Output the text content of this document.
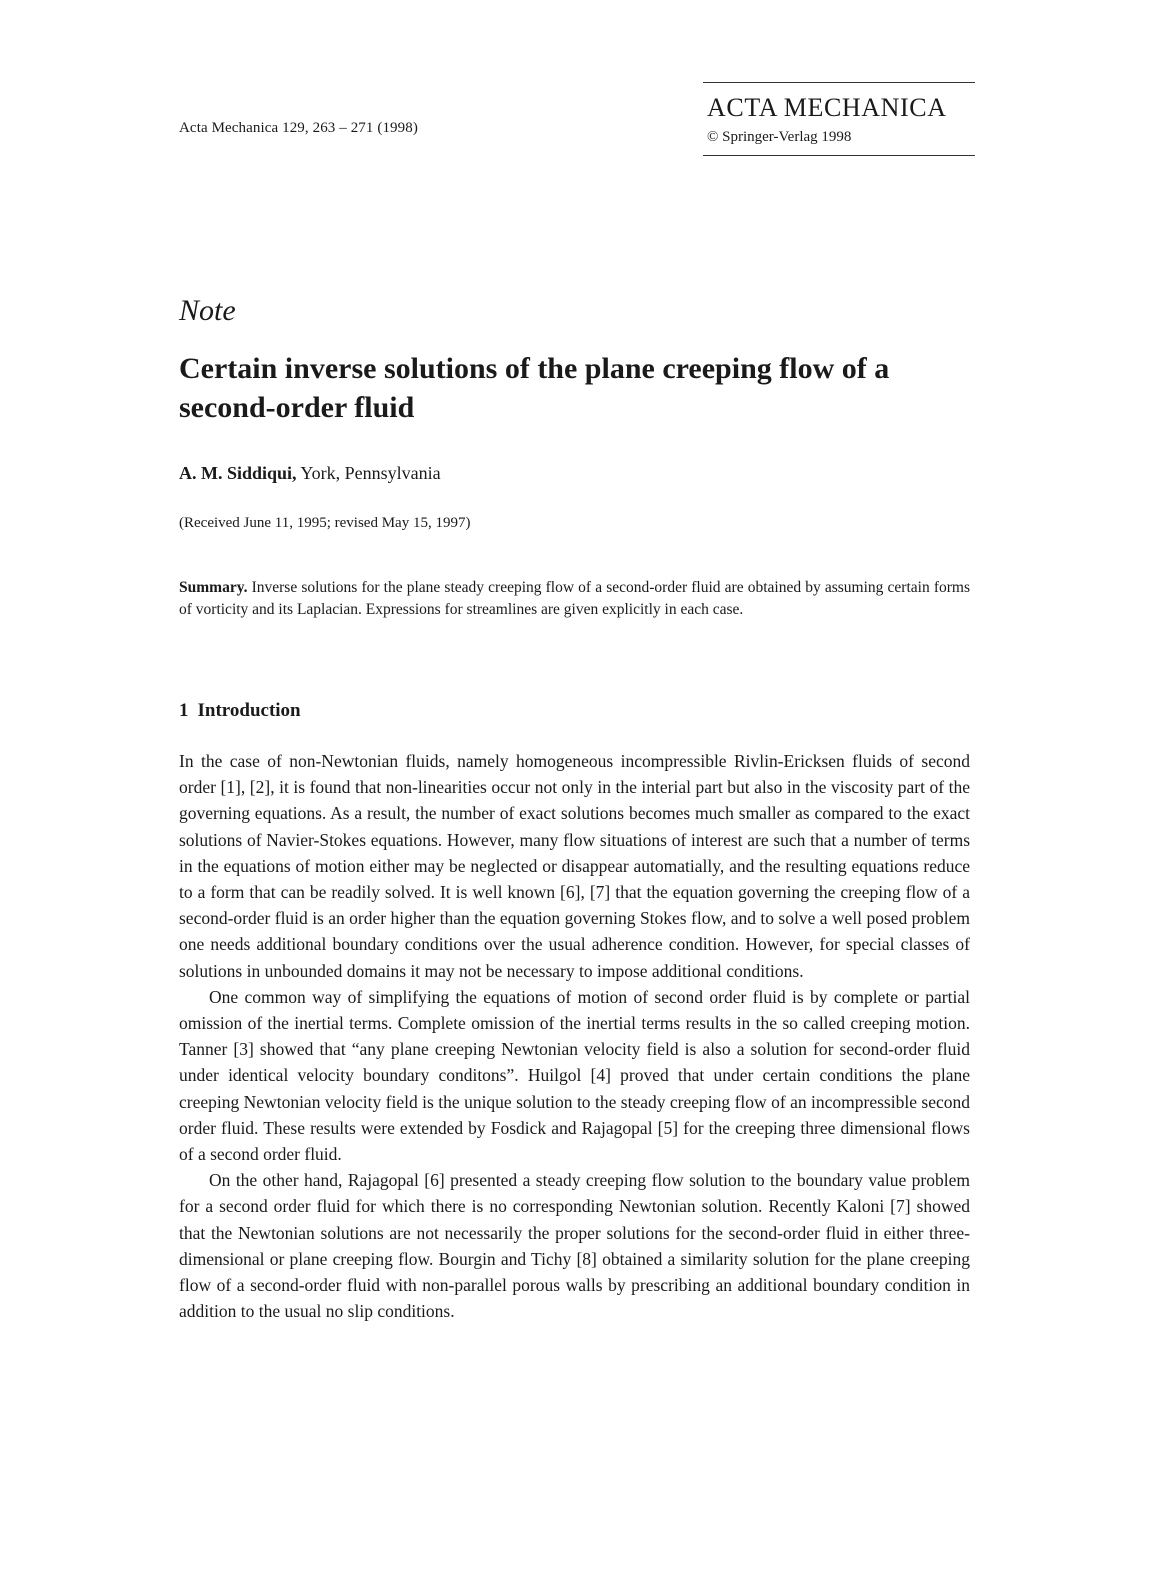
Acta Mechanica 129, 263 – 271 (1998)
ACTA MECHANICA
© Springer-Verlag 1998
Note
Certain inverse solutions of the plane creeping flow of a second-order fluid
A. M. Siddiqui, York, Pennsylvania
(Received June 11, 1995; revised May 15, 1997)

Summary. Inverse solutions for the plane steady creeping flow of a second-order fluid are obtained by assuming certain forms of vorticity and its Laplacian. Expressions for streamlines are given explicitly in each case.

1 Introduction

In the case of non-Newtonian fluids, namely homogeneous incompressible Rivlin-Ericksen fluids of second order [1], [2], it is found that non-linearities occur not only in the interial part but also in the viscosity part of the governing equations. As a result, the number of exact solutions becomes much smaller as compared to the exact solutions of Navier-Stokes equations. However, many flow situations of interest are such that a number of terms in the equations of motion either may be neglected or disappear automatially, and the resulting equations reduce to a form that can be readily solved. It is well known [6], [7] that the equation governing the creeping flow of a second-order fluid is an order higher than the equation governing Stokes flow, and to solve a well posed problem one needs additional boundary conditions over the usual adherence condition. However, for special classes of solutions in unbounded domains it may not be necessary to impose additional conditions.

One common way of simplifying the equations of motion of second order fluid is by complete or partial omission of the inertial terms. Complete omission of the inertial terms results in the so called creeping motion. Tanner [3] showed that “any plane creeping Newtonian velocity field is also a solution for second-order fluid under identical velocity boundary conditons”. Huilgol [4] proved that under certain conditions the plane creeping Newtonian velocity field is the unique solution to the steady creeping flow of an incompressible second order fluid. These results were extended by Fosdick and Rajagopal [5] for the creeping three dimensional flows of a second order fluid.

On the other hand, Rajagopal [6] presented a steady creeping flow solution to the boundary value problem for a second order fluid for which there is no corresponding Newtonian solution. Recently Kaloni [7] showed that the Newtonian solutions are not necessarily the proper solutions for the second-order fluid in either three-dimensional or plane creeping flow. Bourgin and Tichy [8] obtained a similarity solution for the plane creeping flow of a second-order fluid with non-parallel porous walls by prescribing an additional boundary condition in addition to the usual no slip conditions.
